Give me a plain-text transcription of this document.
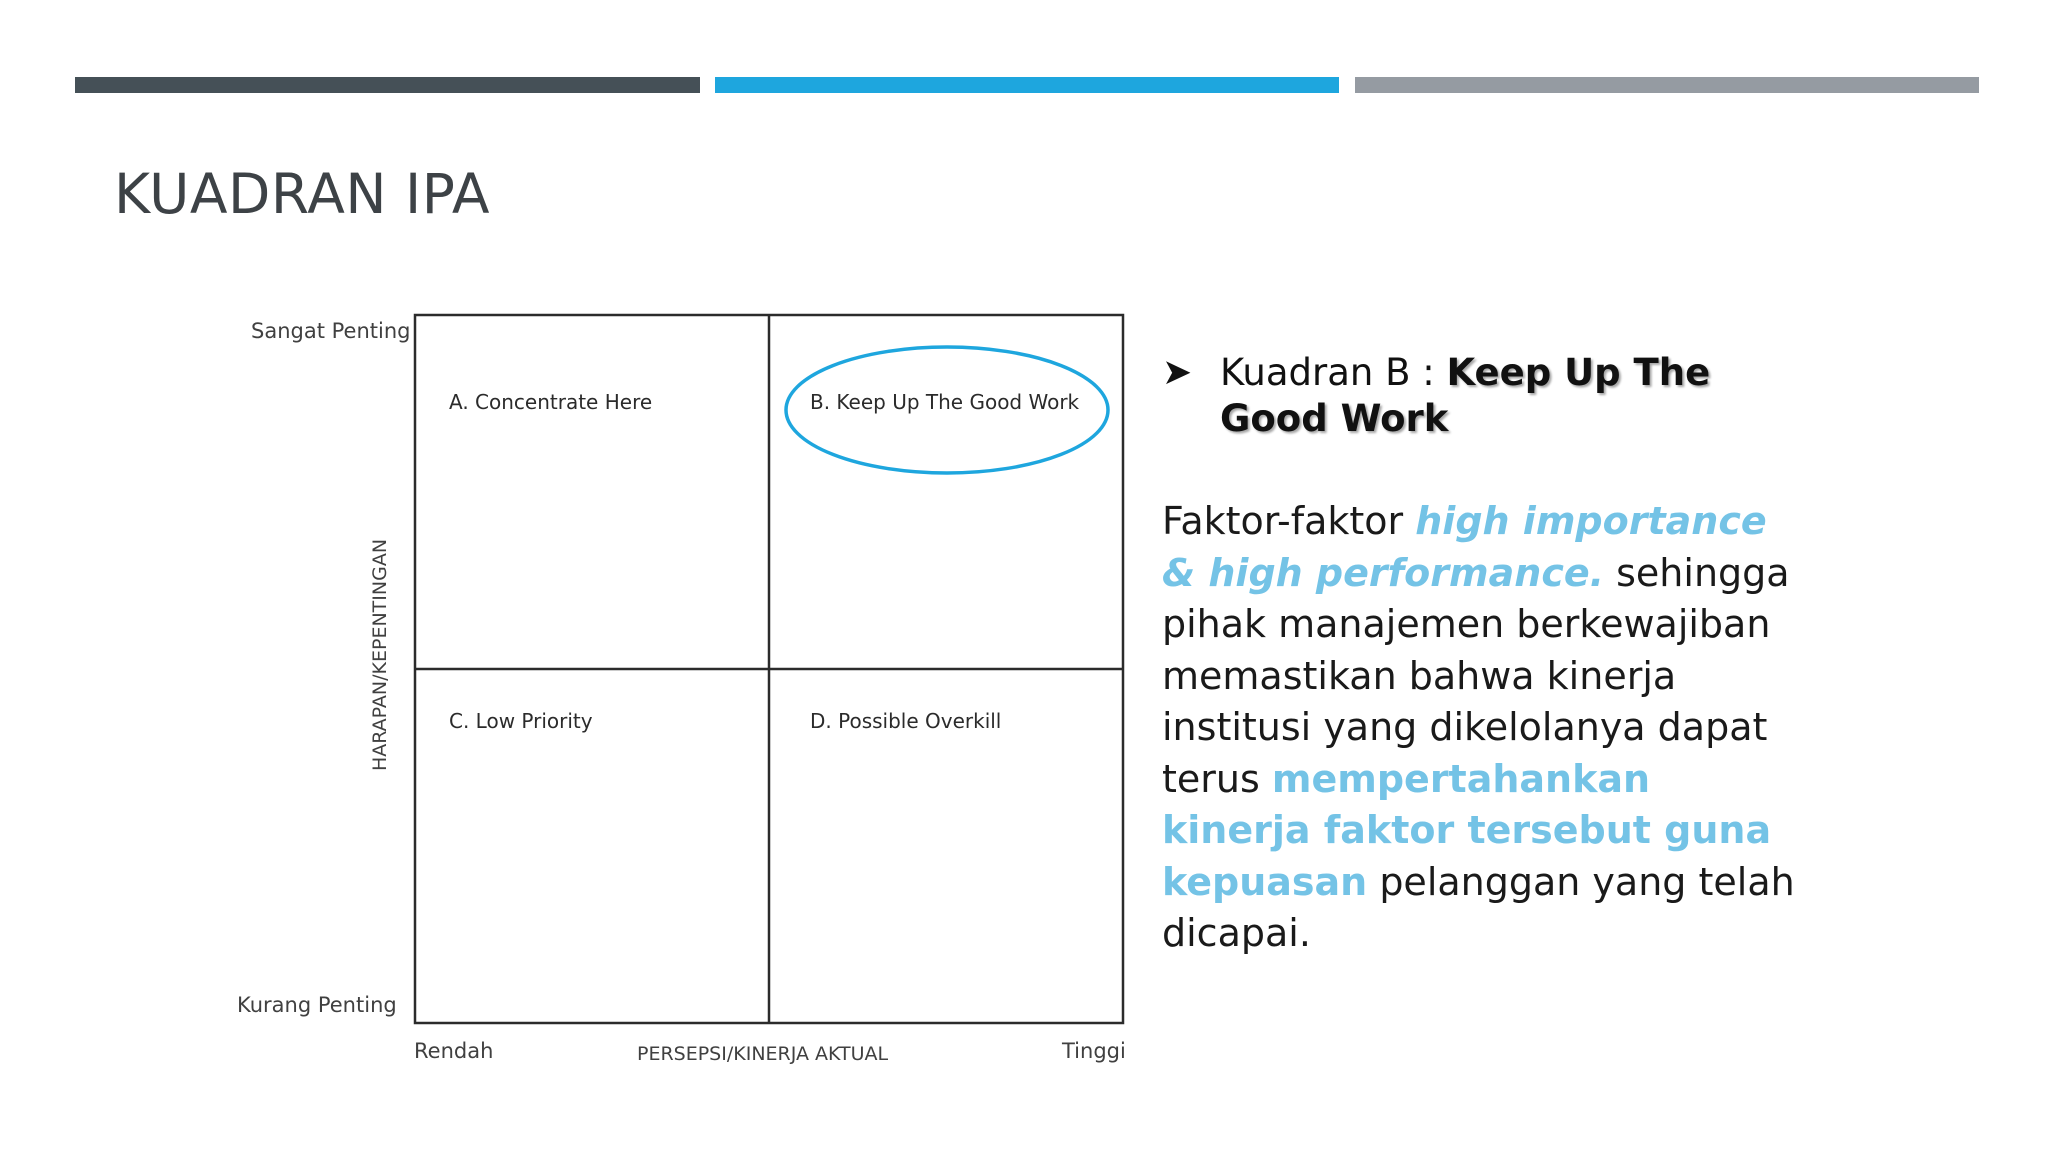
KUADRAN IPA
HARAPAN/KEPENTINGAN
Sangat Penting
Kurang Penting
Rendah	Tinggi
PERSEPSI/KINERJA AKTUAL
A. Concentrate Here	B. Keep Up The Good Work
C. Low Priority	D. Possible Overkill
➤ Kuadran B : Keep Up The
Good Work
Faktor-faktor high importance & high performance. sehingga pihak manajemen berkewajiban memastikan bahwa kinerja institusi yang dikelolanya dapat terus mempertahankan kinerja faktor tersebut guna kepuasan pelanggan yang telah dicapai.
